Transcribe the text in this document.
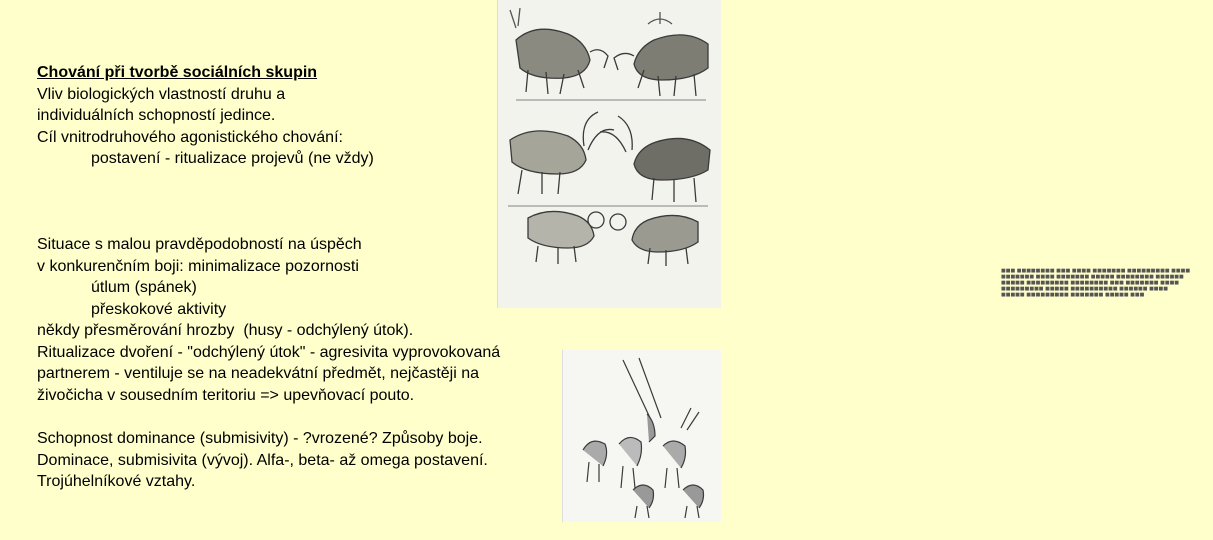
■■■ ■■■■■■■■ ■■■ ■■■■ ■■■■■■■ ■■■■■■■■■ ■■■■
■■■■■■■ ■■■■ ■■■■■■■ ■■■■■ ■■■■■■■■ ■■■■■■
■■■■■ ■■■■■■■■■ ■■■■■■■■ ■■■ ■■■■■■■ ■■■■
■■■■■■■■■ ■■■■■ ■■■■■■■■■■ ■■■■■■ ■■■■
■■■■■ ■■■■■■■■■ ■■■■■■■ ■■■■■ ■■■
Chování při tvorbě sociálních skupin
Vliv biologických vlastností druhu a
individuálních schopností jedince.
Cíl vnitrodruhového agonistického chování:
postavení - ritualizace projevů (ne vždy)
Situace s malou pravděpodobností na úspěch
v konkurenčním boji: minimalizace pozornosti
útlum (spánek)
přeskokové aktivity
někdy přesměrování hrozby  (husy - odchýlený útok).
Ritualizace dvoření - "odchýlený útok" - agresivita vyprovokovaná
partnerem - ventiluje se na neadekvátní předmět, nejčastěji na
živočicha v sousedním teritoriu => upevňovací pouto.
Schopnost dominance (submisivity) - ?vrozené? Způsoby boje.
Dominace, submisivita (vývoj). Alfa-, beta- až omega postavení.
Trojúhelníkové vztahy.
